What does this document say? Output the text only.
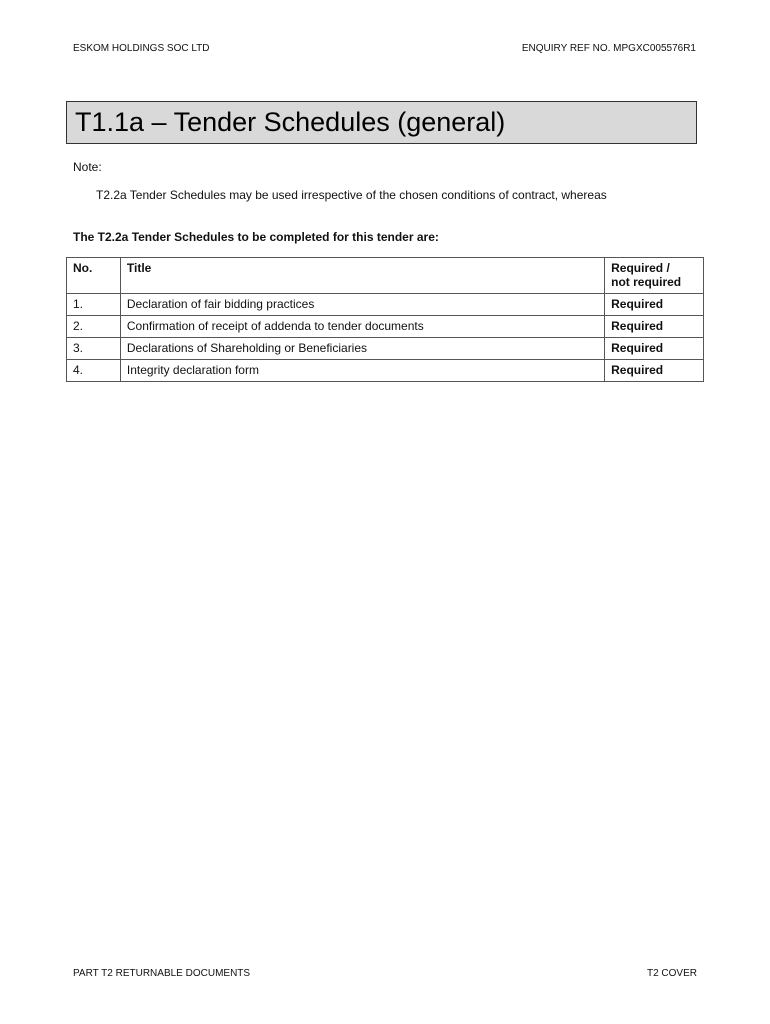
ESKOM HOLDINGS SOC LTD	ENQUIRY REF NO. MPGXC005576R1
T1.1a – Tender Schedules (general)
Note:
T2.2a Tender Schedules may be used irrespective of the chosen conditions of contract, whereas
The T2.2a Tender Schedules to be completed for this tender are:
No.	Title	Required /
not required
1.	Declaration of fair bidding practices	Required
2.	Confirmation of receipt of addenda to tender documents	Required
3.	Declarations of Shareholding or Beneficiaries	Required
4.	Integrity declaration form	Required
PART T2 RETURNABLE DOCUMENTS	T2 COVER
